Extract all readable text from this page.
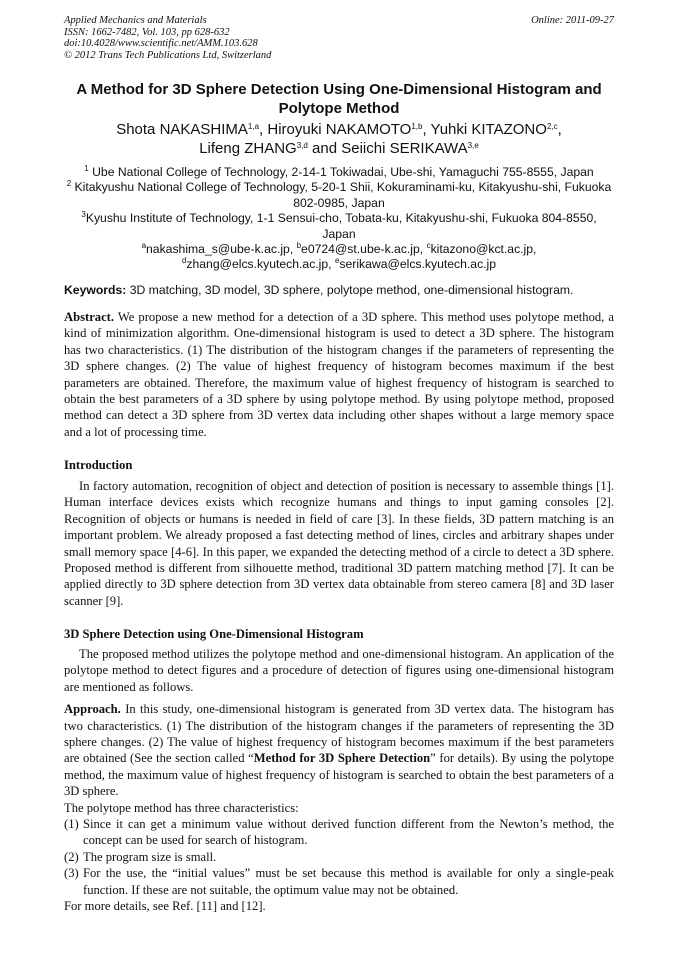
Applied Mechanics and Materials
ISSN: 1662-7482, Vol. 103, pp 628-632
doi:10.4028/www.scientific.net/AMM.103.628
© 2012 Trans Tech Publications Ltd, Switzerland
Online: 2011-09-27
A Method for 3D Sphere Detection Using One-Dimensional Histogram and Polytope Method
Shota NAKASHIMA$^{1,a}$, Hiroyuki NAKAMOTO$^{1,b}$, Yuhki KITAZONO$^{2,c}$,
Lifeng ZHANG$^{3,d}$ and Seiichi SERIKAWA$^{3,e}$
$^1$ Ube National College of Technology, 2-14-1 Tokiwadai, Ube-shi, Yamaguchi 755-8555, Japan
$^2$ Kitakyushu National College of Technology, 5-20-1 Shii, Kokuraminami-ku, Kitakyushu-shi, Fukuoka 802-0985, Japan
$^3$Kyushu Institute of Technology, 1-1 Sensui-cho, Tobata-ku, Kitakyushu-shi, Fukuoka 804-8550, Japan
$^a$nakashima_s@ube-k.ac.jp, $^b$e0724@st.ube-k.ac.jp, $^c$kitazono@kct.ac.jp,
$^d$zhang@elcs.kyutech.ac.jp, $^e$serikawa@elcs.kyutech.ac.jp
Keywords: 3D matching, 3D model, 3D sphere, polytope method, one-dimensional histogram.

Abstract. We propose a new method for a detection of a 3D sphere. This method uses polytope method, a kind of minimization algorithm. One-dimensional histogram is used to detect a 3D sphere. The histogram has two characteristics. (1) The distribution of the histogram changes if the parameters of representing the 3D sphere changes. (2) The value of highest frequency of histogram becomes maximum if the best parameters are obtained. Therefore, the maximum value of highest frequency of histogram is searched to obtain the best parameters of a 3D sphere by using polytope method. By using polytope method, proposed method can detect a 3D sphere from 3D vertex data including other shapes without a large memory space and a lot of processing time.

Introduction

In factory automation, recognition of object and detection of position is necessary to assemble things [1]. Human interface devices exists which recognize humans and things to input gaming consoles [2]. Recognition of objects or humans is needed in field of care [3]. In these fields, 3D pattern matching is an important problem. We already proposed a fast detecting method of lines, circles and arbitrary shapes under small memory space [4-6]. In this paper, we expanded the detecting method of a circle to detect a 3D sphere. Proposed method is different from silhouette method, traditional 3D pattern matching method [7]. It can be applied directly to 3D sphere detection from 3D vertex data obtainable from stereo camera [8] and 3D laser scanner [9].

3D Sphere Detection using One-Dimensional Histogram

The proposed method utilizes the polytope method and one-dimensional histogram. An application of the polytope method to detect figures and a procedure of detection of figures using one-dimensional histogram are mentioned as follows.

Approach. In this study, one-dimensional histogram is generated from 3D vertex data. The histogram has two characteristics. (1) The distribution of the histogram changes if the parameters of representing the 3D sphere changes. (2) The value of highest frequency of histogram becomes maximum if the best parameters are obtained (See the section called “Method for 3D Sphere Detection” for details). By using the polytope method, the maximum value of highest frequency of histogram is searched to obtain the best parameters of a 3D sphere.

The polytope method has three characteristics:

(1) Since it can get a minimum value without derived function different from the Newton’s method, the concept can be used for search of histogram.
(2) The program size is small.
(3) For the use, the “initial values” must be set because this method is available for only a single-peak function. If these are not suitable, the optimum value may not be obtained.

For more details, see Ref. [11] and [12].
